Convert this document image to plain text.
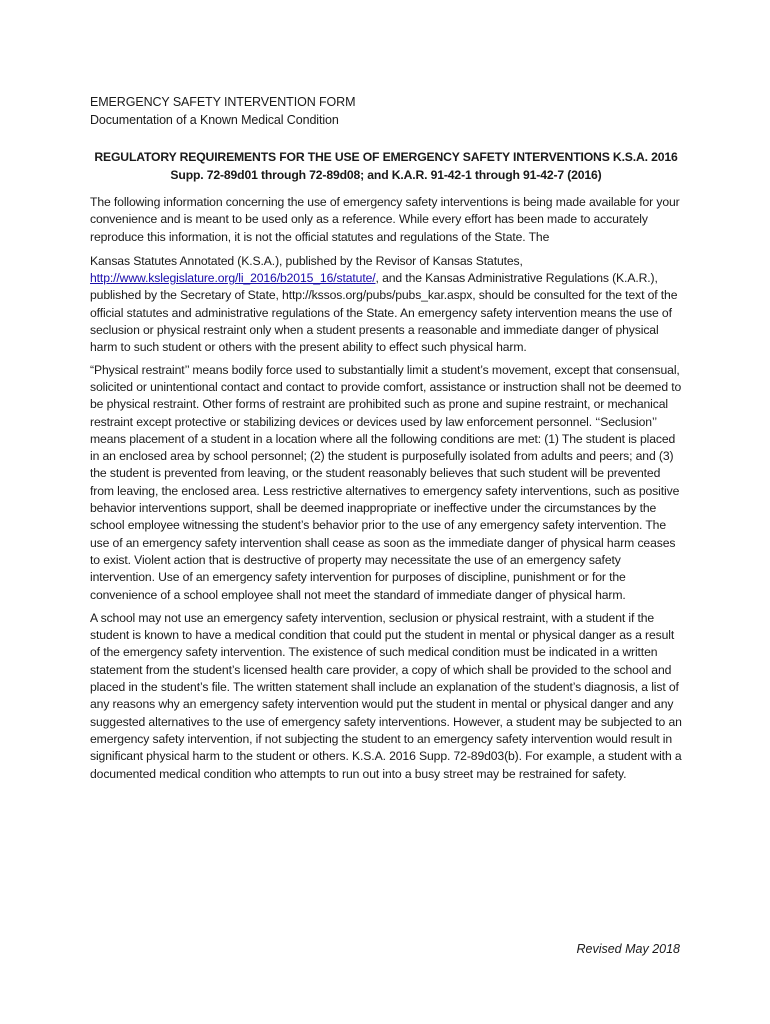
EMERGENCY SAFETY INTERVENTION FORM
Documentation of a Known Medical Condition
REGULATORY REQUIREMENTS FOR THE USE OF EMERGENCY SAFETY INTERVENTIONS K.S.A. 2016
Supp. 72-89d01 through 72-89d08; and K.A.R. 91-42-1 through 91-42-7 (2016)

The following information concerning the use of emergency safety interventions is being made available for your convenience and is meant to be used only as a reference. While every effort has been made to accurately reproduce this information, it is not the official statutes and regulations of the State. The

Kansas Statutes Annotated (K.S.A.), published by the Revisor of Kansas Statutes, http://www.kslegislature.org/li_2016/b2015_16/statute/, and the Kansas Administrative Regulations (K.A.R.), published by the Secretary of State, http://kssos.org/pubs/pubs_kar.aspx, should be consulted for the text of the official statutes and administrative regulations of the State. An emergency safety intervention means the use of seclusion or physical restraint only when a student presents a reasonable and immediate danger of physical harm to such student or others with the present ability to effect such physical harm.

“Physical restraint’’ means bodily force used to substantially limit a student’s movement, except that consensual, solicited or unintentional contact and contact to provide comfort, assistance or instruction shall not be deemed to be physical restraint. Other forms of restraint are prohibited such as prone and supine restraint, or mechanical restraint except protective or stabilizing devices or devices used by law enforcement personnel. ‘‘Seclusion’’ means placement of a student in a location where all the following conditions are met: (1) The student is placed in an enclosed area by school personnel; (2) the student is purposefully isolated from adults and peers; and (3) the student is prevented from leaving, or the student reasonably believes that such student will be prevented from leaving, the enclosed area. Less restrictive alternatives to emergency safety interventions, such as positive behavior interventions support, shall be deemed inappropriate or ineffective under the circumstances by the school employee witnessing the student’s behavior prior to the use of any emergency safety intervention. The use of an emergency safety intervention shall cease as soon as the immediate danger of physical harm ceases to exist. Violent action that is destructive of property may necessitate the use of an emergency safety intervention. Use of an emergency safety intervention for purposes of discipline, punishment or for the convenience of a school employee shall not meet the standard of immediate danger of physical harm.

A school may not use an emergency safety intervention, seclusion or physical restraint, with a student if the student is known to have a medical condition that could put the student in mental or physical danger as a result of the emergency safety intervention. The existence of such medical condition must be indicated in a written statement from the student’s licensed health care provider, a copy of which shall be provided to the school and placed in the student’s file. The written statement shall include an explanation of the student’s diagnosis, a list of any reasons why an emergency safety intervention would put the student in mental or physical danger and any suggested alternatives to the use of emergency safety interventions. However, a student may be subjected to an emergency safety intervention, if not subjecting the student to an emergency safety intervention would result in significant physical harm to the student or others. K.S.A. 2016 Supp. 72-89d03(b). For example, a student with a documented medical condition who attempts to run out into a busy street may be restrained for safety.

Revised May 2018
